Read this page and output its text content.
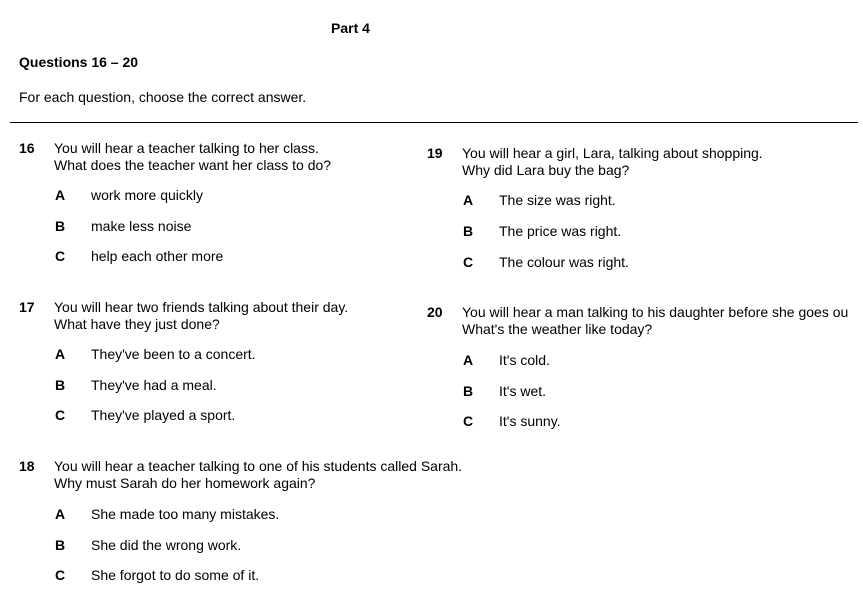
Part 4
Questions 16 – 20
For each question, choose the correct answer.
16 You will hear a teacher talking to her class.
What does the teacher want her class to do?
A work more quickly
B make less noise
C help each other more
17 You will hear two friends talking about their day.
What have they just done?
A They've been to a concert.
B They've had a meal.
C They've played a sport.
18 You will hear a teacher talking to one of his students called Sarah.
Why must Sarah do her homework again?
A She made too many mistakes.
B She did the wrong work.
C She forgot to do some of it.
19 You will hear a girl, Lara, talking about shopping.
Why did Lara buy the bag?
A The size was right.
B The price was right.
C The colour was right.
20 You will hear a man talking to his daughter before she goes ou
What's the weather like today?
A It's cold.
B It's wet.
C It's sunny.
